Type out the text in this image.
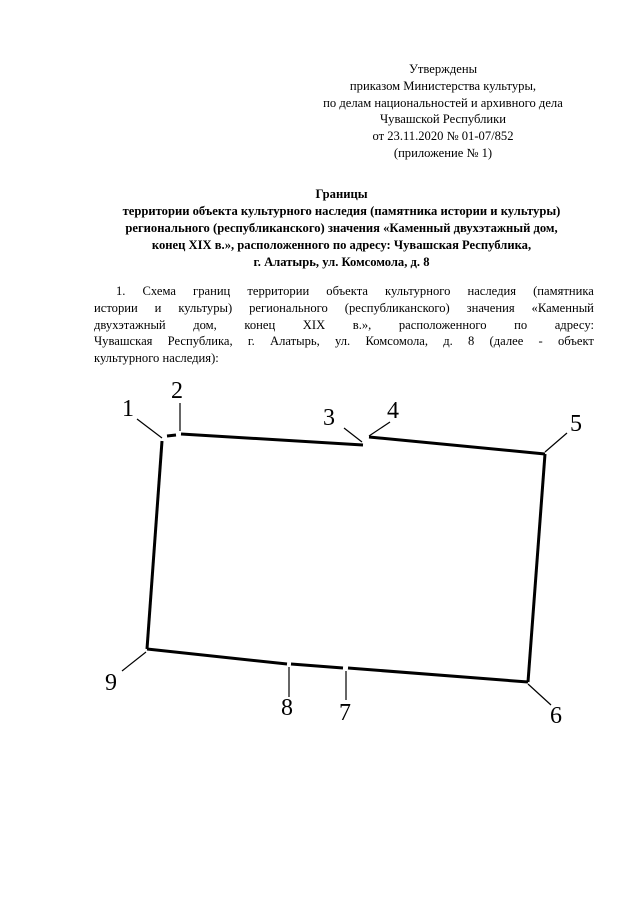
Утверждены
приказом Министерства культуры,
по делам национальностей и архивного дела
Чувашской Республики
от 23.11.2020 № 01-07/852
(приложение № 1)
Границы
территории объекта культурного наследия (памятника истории и культуры)
регионального (республиканского) значения «Каменный двухэтажный дом,
конец XIX в.», расположенного по адресу: Чувашская Республика,
г. Алатырь, ул. Комсомола, д. 8
1. Схема границ территории объекта культурного наследия (памятника
истории и культуры) регионального (республиканского) значения «Каменный
двухэтажный дом, конец XIX в.», расположенного по адресу:
Чувашская Республика, г. Алатырь, ул. Комсомола, д. 8 (далее - объект
культурного наследия):
1
2
3 4	5
6
7
8
9
